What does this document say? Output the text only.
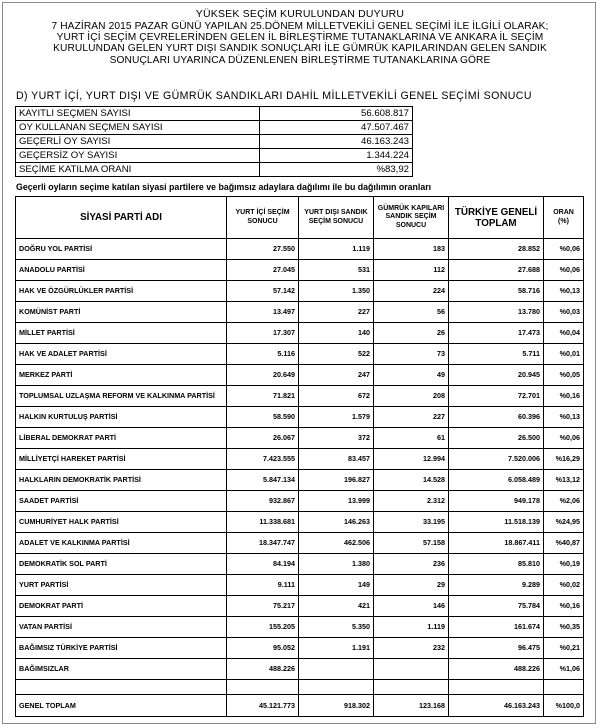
YÜKSEK SEÇİM KURULUNDAN DUYURU
7 HAZİRAN 2015 PAZAR GÜNÜ YAPILAN 25.DÖNEM MİLLETVEKİLİ GENEL SEÇİMİ İLE İLGİLİ OLARAK;
YURT İÇİ SEÇİM ÇEVRELERİNDEN GELEN İL BİRLEŞTİRME TUTANAKLARINA VE ANKARA İL SEÇİM
KURULUNDAN GELEN YURT DIŞI SANDIK SONUÇLARI İLE GÜMRÜK KAPILARINDAN GELEN SANDIK
SONUÇLARI UYARINCA DÜZENLENEN BİRLEŞTİRME TUTANAKLARINA GÖRE
D) YURT İÇİ, YURT DIŞI VE GÜMRÜK SANDIKLARI DAHİL MİLLETVEKİLİ GENEL SEÇİMİ SONUCU
KAYITLI SEÇMEN SAYISI	56.608.817
OY KULLANAN SEÇMEN SAYISI	47.507.467
GEÇERLİ OY SAYISI	46.163.243
GEÇERSİZ OY SAYISI	1.344.224
SEÇİME KATILMA ORANI	%83,92
Geçerli oyların seçime katılan siyasi partilere ve bağımsız adaylara dağılımı ile bu dağılımın oranları
SİYASİ PARTİ ADI	YURT İÇİ SEÇİM SONUCU	YURT DIŞI SANDIK SEÇİM SONUCU	GÜMRÜK KAPILARI SANDIK SEÇİM SONUCU	TÜRKİYE GENELİ TOPLAM	ORAN (%)
DOĞRU YOL PARTİSİ	27.550	1.119	183	28.852	%0,06
ANADOLU PARTİSİ	27.045	531	112	27.688	%0,06
HAK VE ÖZGÜRLÜKLER PARTİSİ	57.142	1.350	224	58.716	%0,13
KOMÜNİST PARTİ	13.497	227	56	13.780	%0,03
MİLLET PARTİSİ	17.307	140	26	17.473	%0,04
HAK VE ADALET PARTİSİ	5.116	522	73	5.711	%0,01
MERKEZ PARTİ	20.649	247	49	20.945	%0,05
TOPLUMSAL UZLAŞMA REFORM VE KALKINMA PARTİSİ	71.821	672	208	72.701	%0,16
HALKIN KURTULUŞ PARTİSİ	58.590	1.579	227	60.396	%0,13
LİBERAL DEMOKRAT PARTİ	26.067	372	61	26.500	%0,06
MİLLİYETÇİ HAREKET PARTİSİ	7.423.555	83.457	12.994	7.520.006	%16,29
HALKLARIN DEMOKRATİK PARTİSİ	5.847.134	196.827	14.528	6.058.489	%13,12
SAADET PARTİSİ	932.867	13.999	2.312	949.178	%2,06
CUMHURİYET HALK PARTİSİ	11.338.681	146.263	33.195	11.518.139	%24,95
ADALET VE KALKINMA PARTİSİ	18.347.747	462.506	57.158	18.867.411	%40,87
DEMOKRATİK SOL PARTİ	84.194	1.380	236	85.810	%0,19
YURT PARTİSİ	9.111	149	29	9.289	%0,02
DEMOKRAT PARTİ	75.217	421	146	75.784	%0,16
VATAN PARTİSİ	155.205	5.350	1.119	161.674	%0,35
BAĞIMSIZ TÜRKİYE PARTİSİ	95.052	1.191	232	96.475	%0,21
BAĞIMSIZLAR	488.226			488.226	%1,06

GENEL TOPLAM	45.121.773	918.302	123.168	46.163.243	%100,0
